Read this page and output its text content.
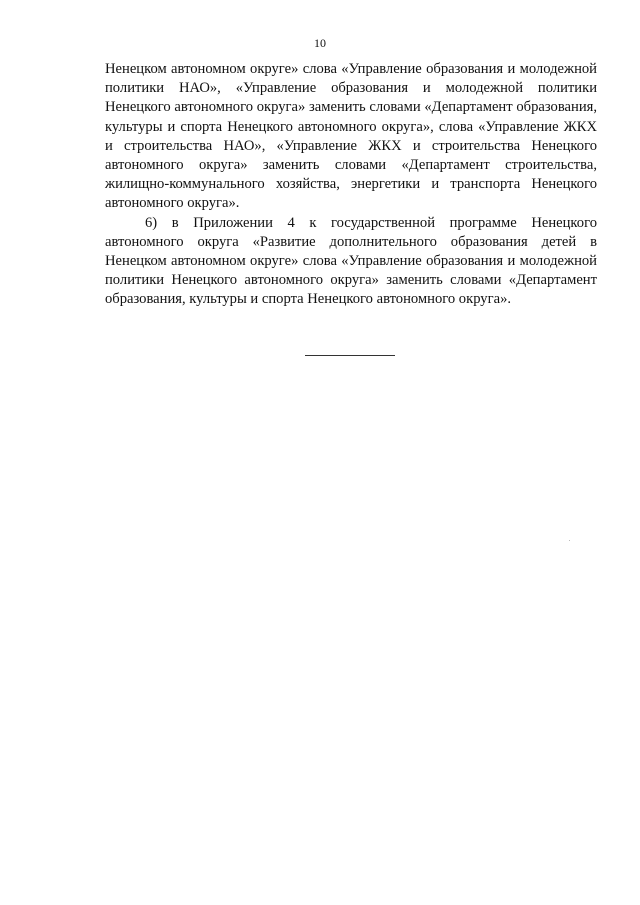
10

Ненецком автономном округе» слова «Управление образования и молодежной политики НАО», «Управление образования и молодежной политики Ненецкого автономного округа» заменить словами «Департамент образования, культуры и спорта Ненецкого автономного округа», слова «Управление ЖКХ и строительства НАО», «Управление ЖКХ и строительства Ненецкого автономного округа» заменить словами «Департамент строительства, жилищно-коммунального хозяйства, энергетики и транспорта Ненецкого автономного округа».

6) в Приложении 4 к государственной программе Ненецкого автономного округа «Развитие дополнительного образования детей в Ненецком автономном округе» слова «Управление образования и молодежной политики Ненецкого автономного округа» заменить словами «Департамент образования, культуры и спорта Ненецкого автономного округа».
